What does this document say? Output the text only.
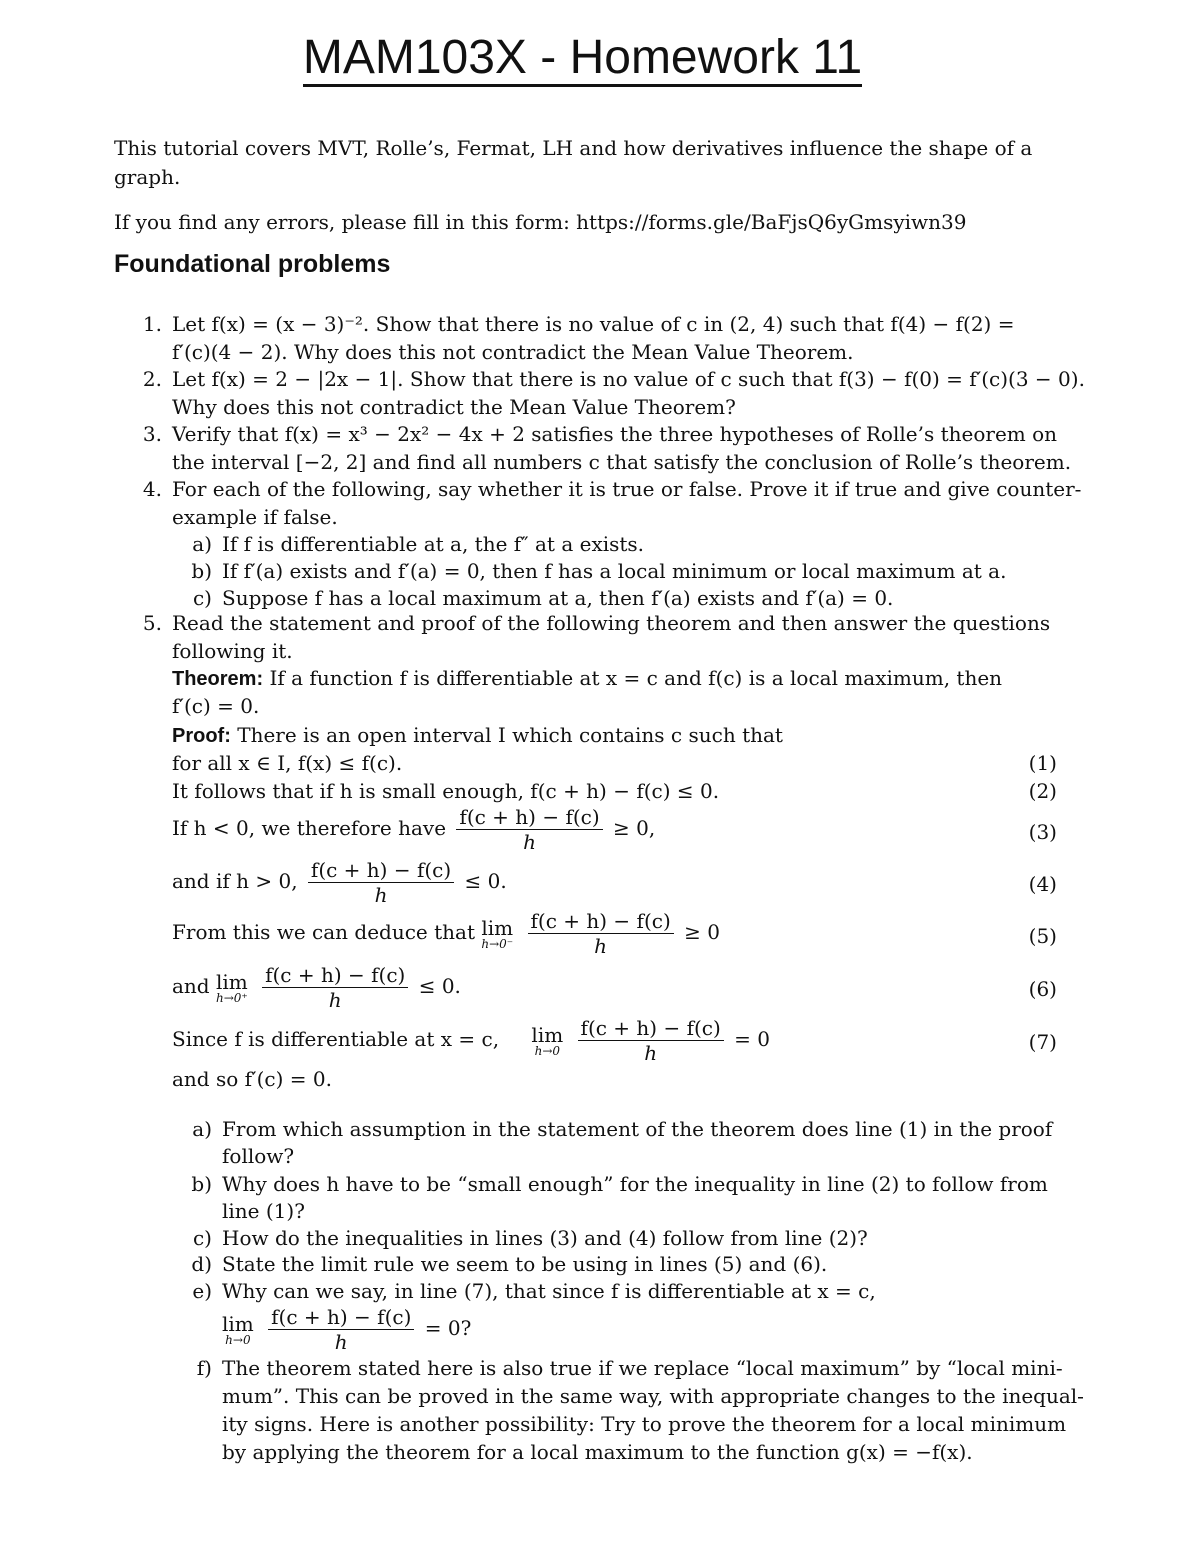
MAM103X - Homework 11
This tutorial covers MVT, Rolle’s, Fermat, LH and how derivatives influence the shape of a
graph.
If you find any errors, please fill in this form: https://forms.gle/BaFjsQ6yGmsyiwn39
Foundational problems
1. Let f(x) = (x − 3)⁻². Show that there is no value of c in (2, 4) such that f(4) − f(2) =
f′(c)(4 − 2). Why does this not contradict the Mean Value Theorem.
2. Let f(x) = 2 − |2x − 1|. Show that there is no value of c such that f(3) − f(0) = f′(c)(3 − 0).
Why does this not contradict the Mean Value Theorem?
3. Verify that f(x) = x³ − 2x² − 4x + 2 satisfies the three hypotheses of Rolle’s theorem on
the interval [−2, 2] and find all numbers c that satisfy the conclusion of Rolle’s theorem.
4. For each of the following, say whether it is true or false. Prove it if true and give counter-
example if false.
a) If f is differentiable at a, the f″ at a exists.
b) If f′(a) exists and f′(a) = 0, then f has a local minimum or local maximum at a.
c) Suppose f has a local maximum at a, then f′(a) exists and f′(a) = 0.
5. Read the statement and proof of the following theorem and then answer the questions
following it.
Theorem: If a function f is differentiable at x = c and f(c) is a local maximum, then
f′(c) = 0.
Proof: There is an open interval I which contains c such that
for all x ∈ I, f(x) ≤ f(c).	(1)
It follows that if h is small enough, f(c + h) − f(c) ≤ 0.	(2)
If h < 0, we therefore have $\frac{f(c + h) - f(c)}{h} \ge 0$,	(3)
and if h > 0, $\frac{f(c + h) - f(c)}{h} \le 0$.	(4)
From this we can deduce that lim
h→0⁻
$\frac{f(c + h) - f(c)}{h} \ge 0$	(5)
and lim
h→0⁺
$\frac{f(c + h) - f(c)}{h} \le 0$.	(6)
Since f is differentiable at x = c, lim
h→0
$\frac{f(c + h) - f(c)}{h} = 0$	(7)
and so f′(c) = 0.
a) From which assumption in the statement of the theorem does line (1) in the proof
follow?
b) Why does h have to be “small enough” for the inequality in line (2) to follow from
line (1)?
c) How do the inequalities in lines (3) and (4) follow from line (2)?
d) State the limit rule we seem to be using in lines (5) and (6).
e) Why can we say, in line (7), that since f is differentiable at x = c,
lim
h→0
$\frac{f(c + h) - f(c)}{h} = 0$?
f) The theorem stated here is also true if we replace “local maximum” by “local mini-
mum”. This can be proved in the same way, with appropriate changes to the inequal-
ity signs. Here is another possibility: Try to prove the theorem for a local minimum
by applying the theorem for a local maximum to the function g(x) = −f(x).
